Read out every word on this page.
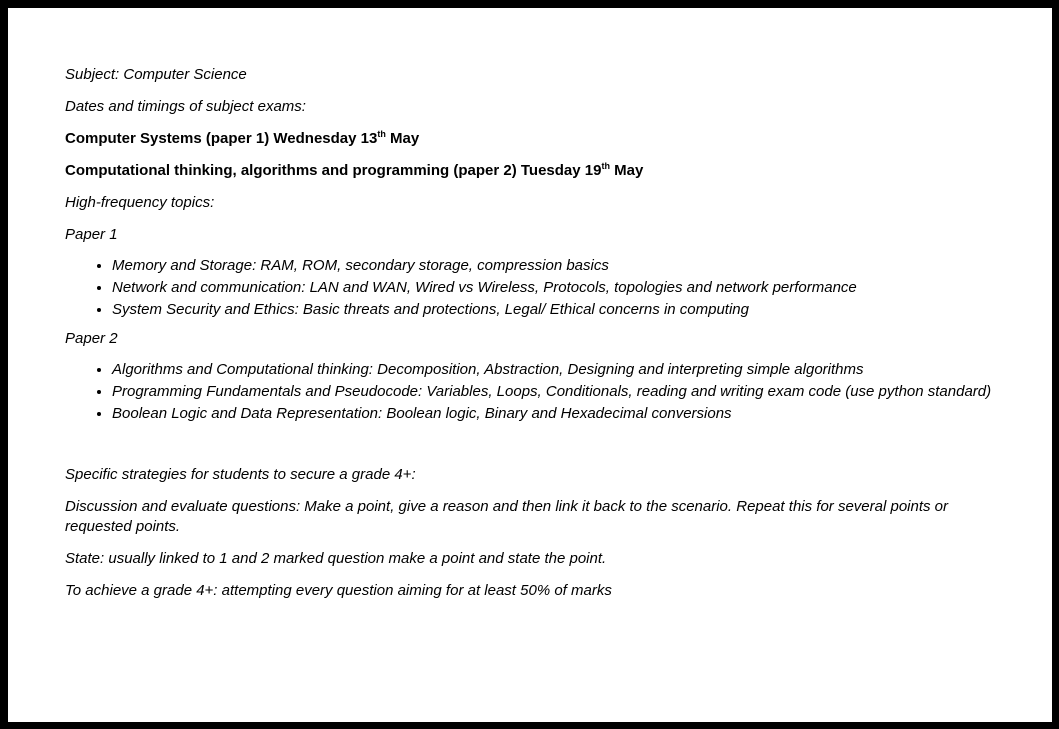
Subject: Computer Science

Dates and timings of subject exams:

Computer Systems (paper 1) Wednesday 13th May

Computational thinking, algorithms and programming (paper 2) Tuesday 19th May

High-frequency topics:

Paper 1

• Memory and Storage: RAM, ROM, secondary storage, compression basics
• Network and communication: LAN and WAN, Wired vs Wireless, Protocols, topologies and network performance
• System Security and Ethics: Basic threats and protections, Legal/ Ethical concerns in computing

Paper 2

• Algorithms and Computational thinking: Decomposition, Abstraction, Designing and interpreting simple algorithms
• Programming Fundamentals and Pseudocode: Variables, Loops, Conditionals, reading and writing exam code (use python standard)
• Boolean Logic and Data Representation: Boolean logic, Binary and Hexadecimal conversions

Specific strategies for students to secure a grade 4+:

Discussion and evaluate questions: Make a point, give a reason and then link it back to the scenario. Repeat this for several points or requested points.

State: usually linked to 1 and 2 marked question make a point and state the point.

To achieve a grade 4+: attempting every question aiming for at least 50% of marks
